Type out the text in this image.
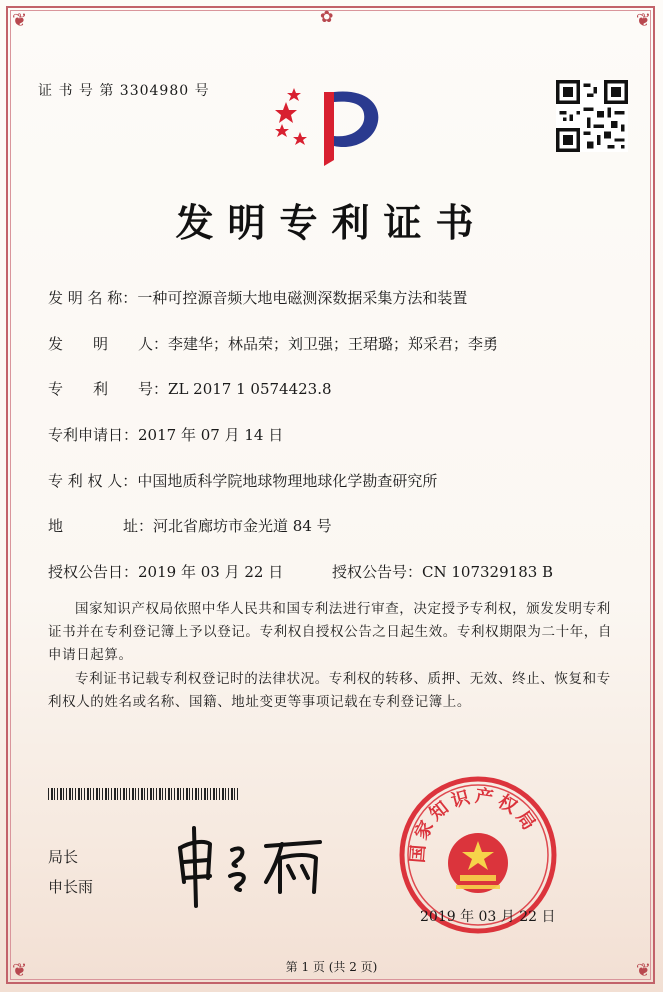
❦	❦
❦	❦
✿
证 书 号 第 3304980 号
发明专利证书
发 明 名 称：一种可控源音频大地电磁测深数据采集方法和装置
发　　明　　人：李建华；林品荣；刘卫强；王珺璐；郑采君；李勇
专　　利　　号：ZL 2017 1 0574423.8
专利申请日：2017 年 07 月 14 日
专 利 权 人：中国地质科学院地球物理地球化学勘查研究所
地　　　　址：河北省廊坊市金光道 84 号
授权公告日：2019 年 03 月 22 日	授权公告号：CN 107329183 B
国家知识产权局依照中华人民共和国专利法进行审查，决定授予专利权，颁发发明专利证书并在专利登记簿上予以登记。专利权自授权公告之日起生效。专利权期限为二十年，自申请日起算。
专利证书记载专利权登记时的法律状况。专利权的转移、质押、无效、终止、恢复和专利权人的姓名或名称、国籍、地址变更等事项记载在专利登记簿上。
局长
申长雨
国家知识产权局
2019 年 03 月 22 日
第 1 页 (共 2 页)
